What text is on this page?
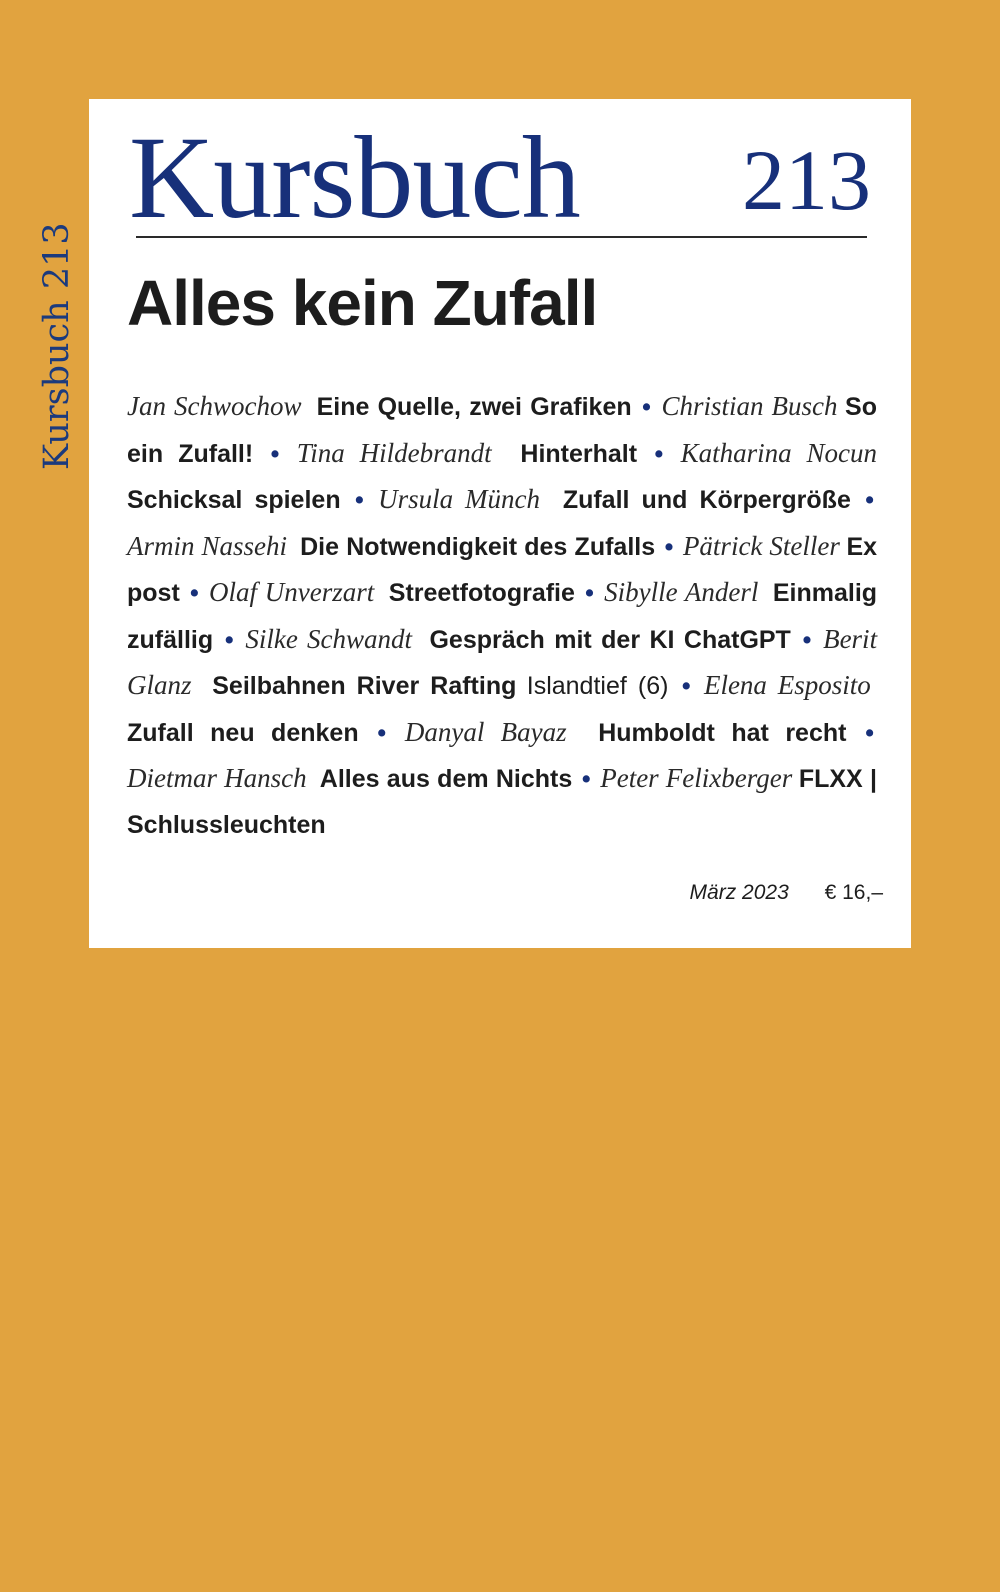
Kursbuch 213
Kursbuch 213
Alles kein Zufall
Jan Schwochow Eine Quelle, zwei Grafiken • Christian Busch So ein Zufall! • Tina Hildebrandt Hinterhalt • Katharina Nocun Schicksal spielen • Ursula Münch Zufall und Körpergröße • Armin Nassehi Die Notwendigkeit des Zufalls • Pätrick Steller Ex post • Olaf Unverzart Streetfotografie • Sibylle Anderl Einmalig zufällig • Silke Schwandt Gespräch mit der KI ChatGPT • Berit Glanz Seilbahnen River Rafting Islandtief (6) • Elena Esposito  Zufall neu denken • Danyal Bayaz Humboldt hat recht • Dietmar Hansch Alles aus dem Nichts • Peter Felixberger FLXX | Schlussleuchten
März 2023 € 16,–
